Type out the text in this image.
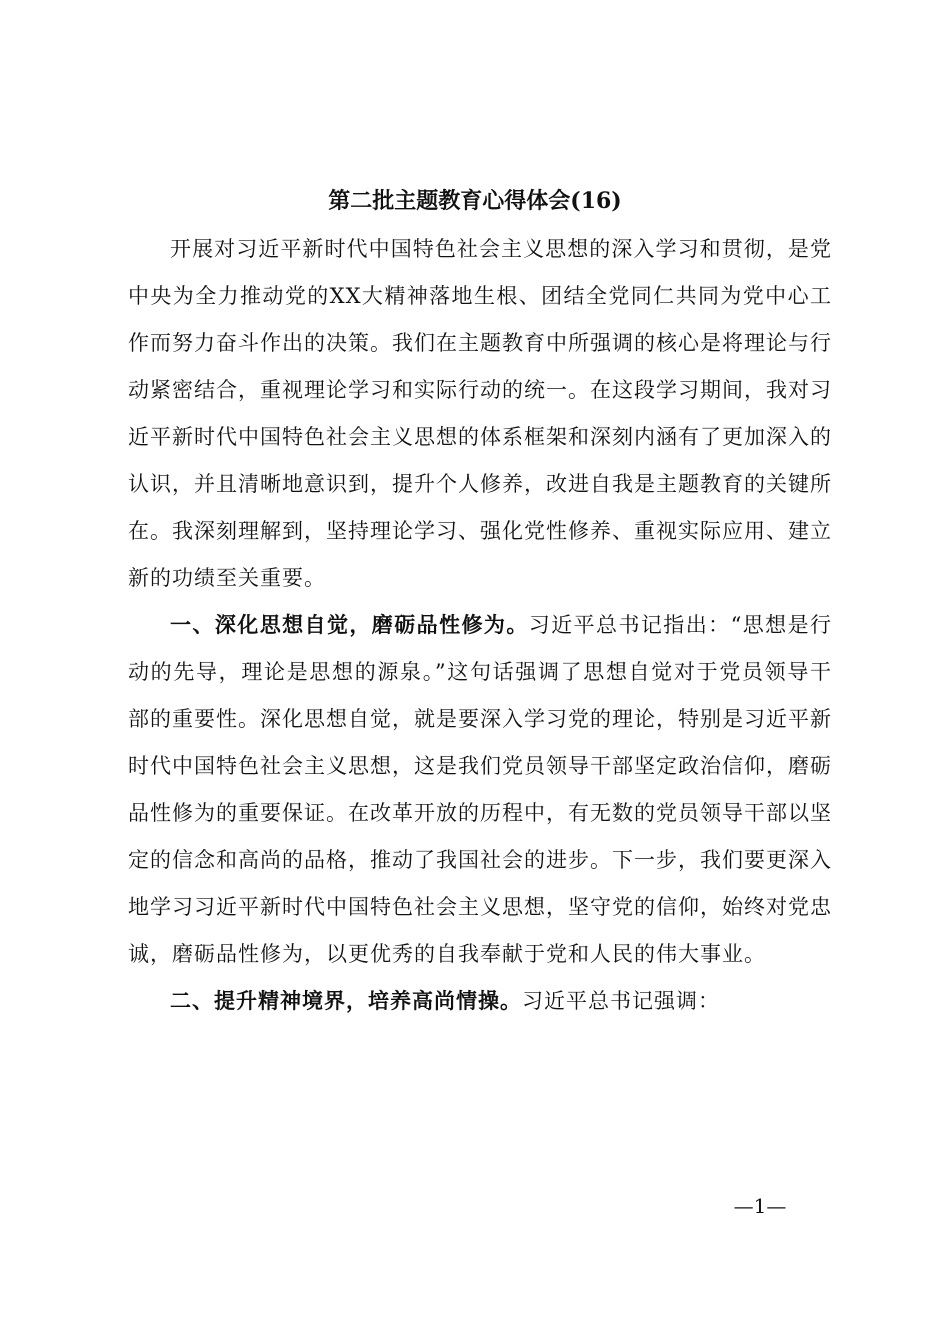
第二批主题教育心得体会(16)

开展对习近平新时代中国特色社会主义思想的深入学习和贯彻，是党中央为全力推动党的XX大精神落地生根、团结全党同仁共同为党中心工作而努力奋斗作出的决策。我们在主题教育中所强调的核心是将理论与行动紧密结合，重视理论学习和实际行动的统一。在这段学习期间，我对习近平新时代中国特色社会主义思想的体系框架和深刻内涵有了更加深入的认识，并且清晰地意识到，提升个人修养，改进自我是主题教育的关键所在。我深刻理解到，坚持理论学习、强化党性修养、重视实际应用、建立新的功绩至关重要。

一、深化思想自觉，磨砺品性修为。习近平总书记指出：“思想是行动的先导，理论是思想的源泉。”这句话强调了思想自觉对于党员领导干部的重要性。深化思想自觉，就是要深入学习党的理论，特别是习近平新时代中国特色社会主义思想，这是我们党员领导干部坚定政治信仰，磨砺品性修为的重要保证。在改革开放的历程中，有无数的党员领导干部以坚定的信念和高尚的品格，推动了我国社会的进步。下一步，我们要更深入地学习习近平新时代中国特色社会主义思想，坚守党的信仰，始终对党忠诚，磨砺品性修为，以更优秀的自我奉献于党和人民的伟大事业。

二、提升精神境界，培养高尚情操。习近平总书记强调：

—1—
